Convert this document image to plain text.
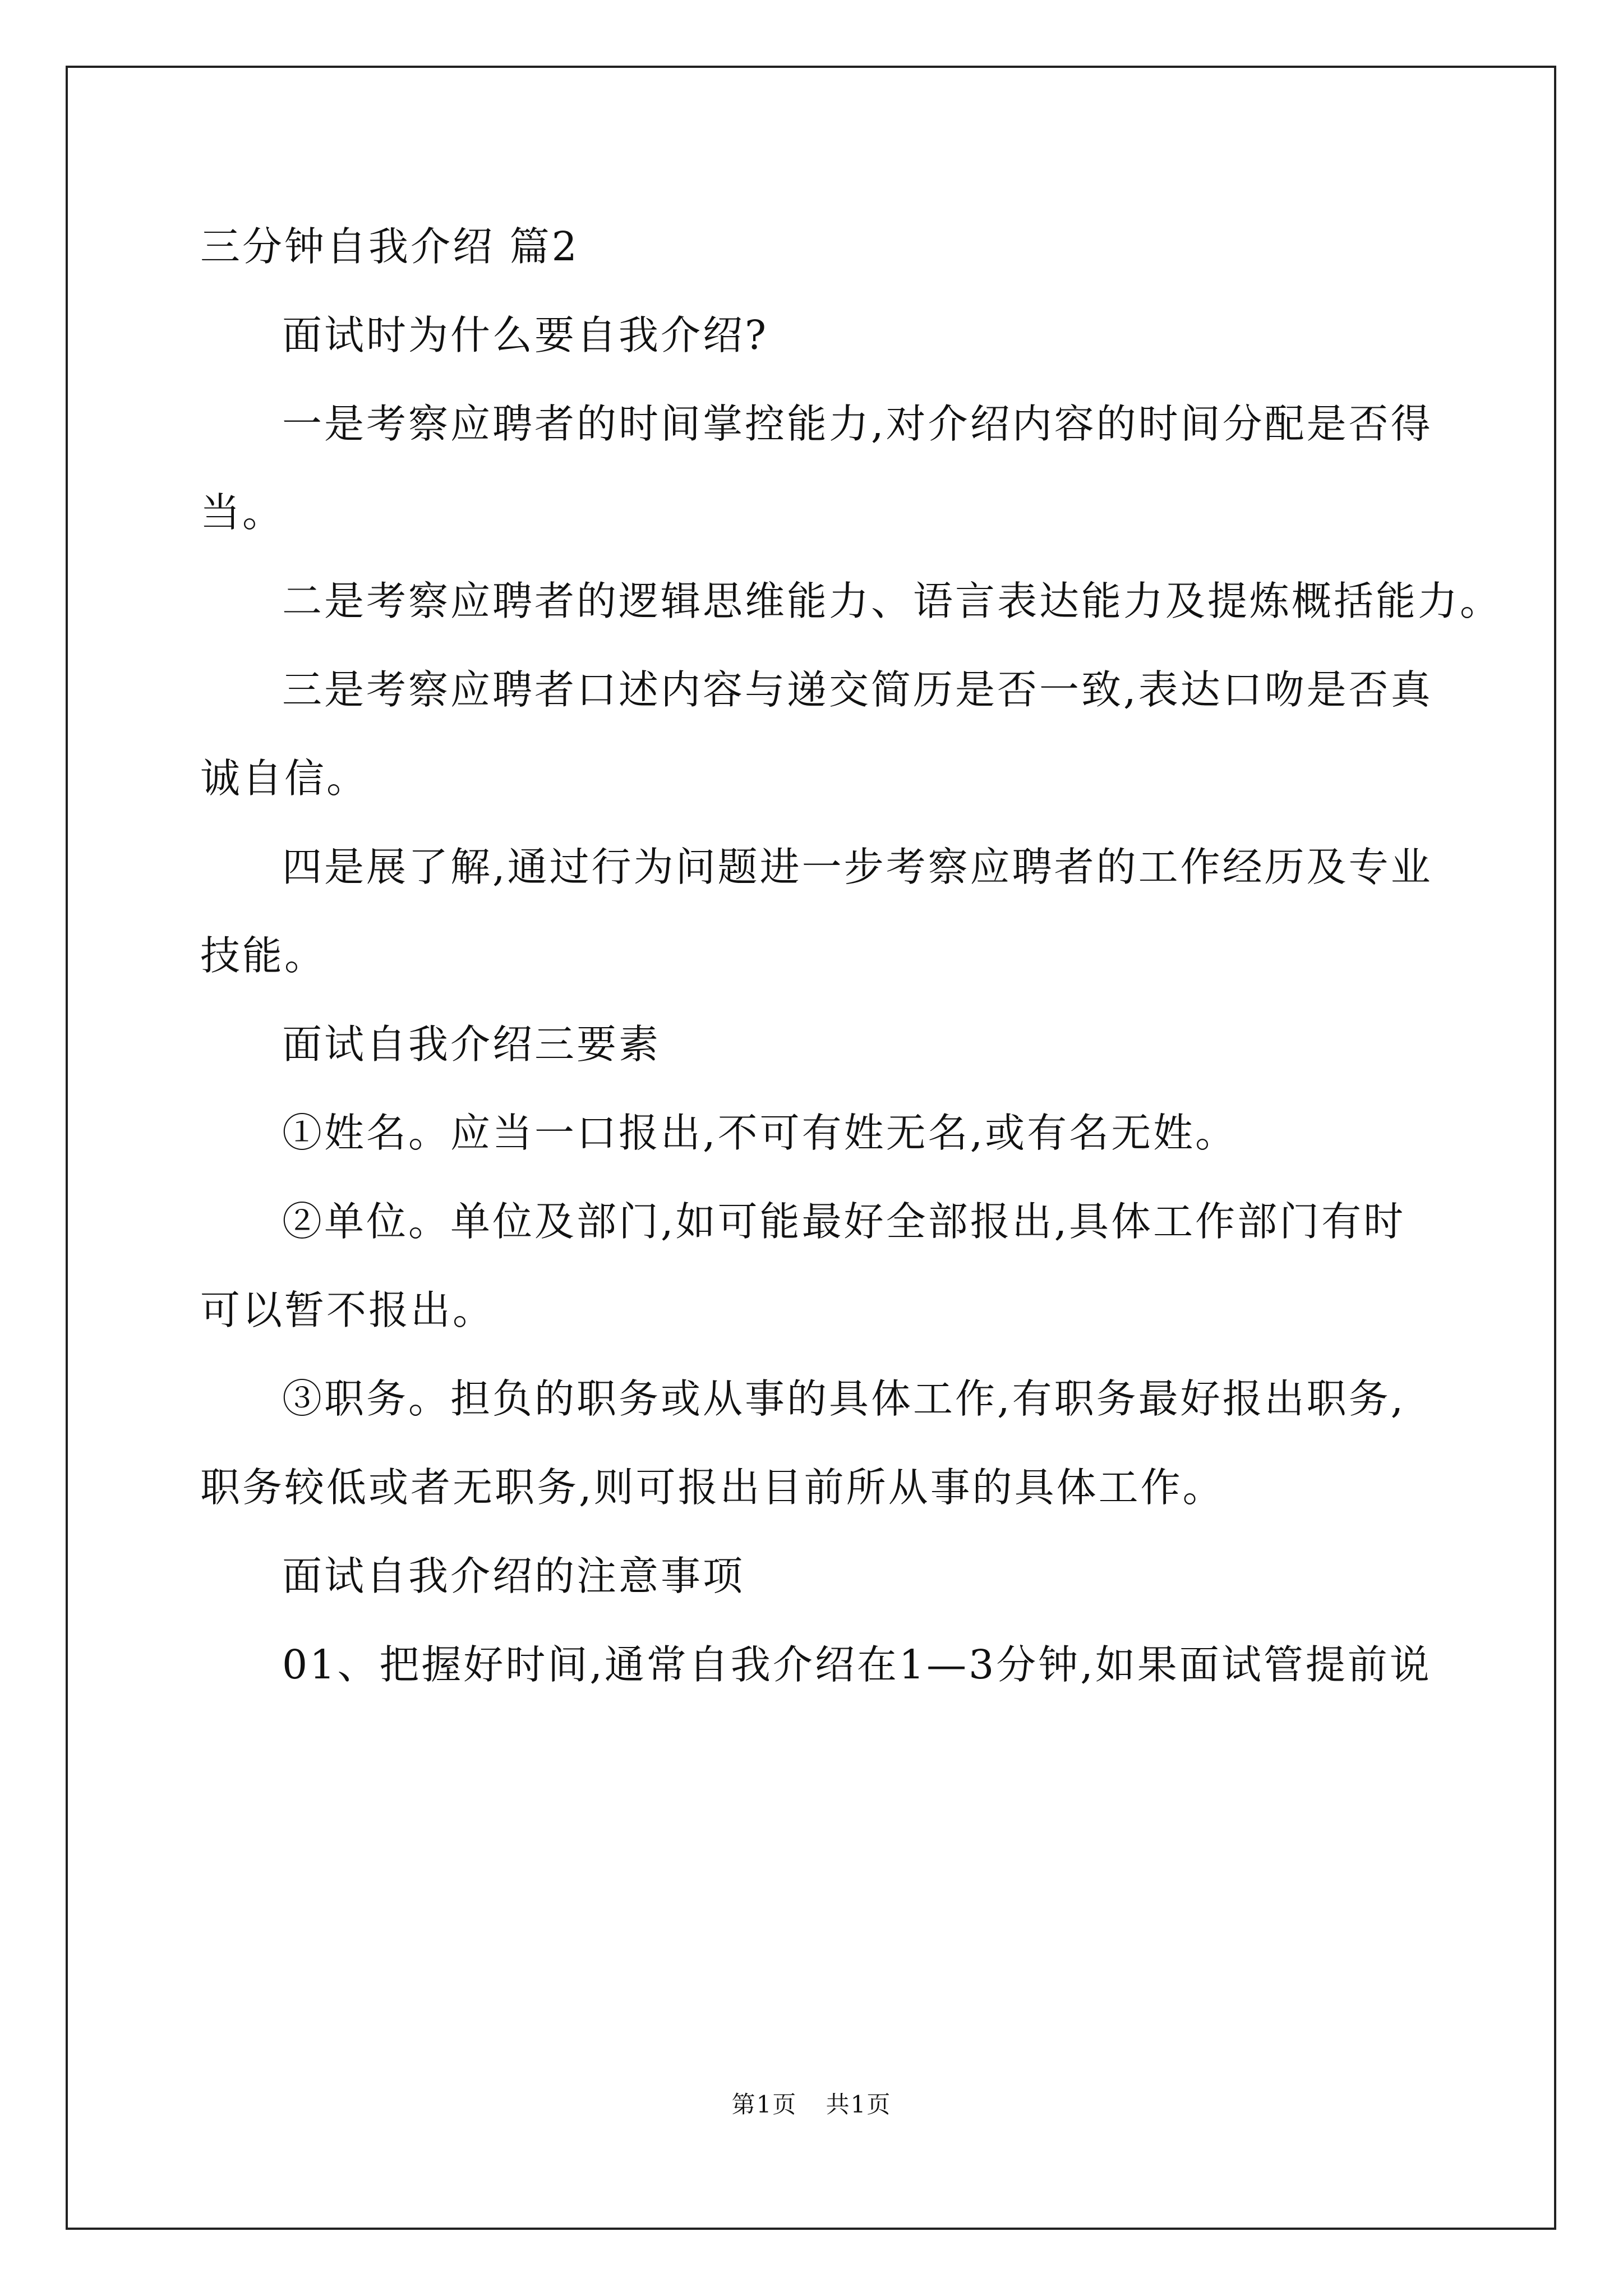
三分钟自我介绍 篇2
面试时为什么要自我介绍?
一是考察应聘者的时间掌控能力,对介绍内容的时间分配是否得
当。
二是考察应聘者的逻辑思维能力、语言表达能力及提炼概括能力。
三是考察应聘者口述内容与递交简历是否一致,表达口吻是否真
诚自信。
四是展了解,通过行为问题进一步考察应聘者的工作经历及专业
技能。
面试自我介绍三要素
①姓名。应当一口报出,不可有姓无名,或有名无姓。
②单位。单位及部门,如可能最好全部报出,具体工作部门有时
可以暂不报出。
③职务。担负的职务或从事的具体工作,有职务最好报出职务,
职务较低或者无职务,则可报出目前所从事的具体工作。
面试自我介绍的注意事项
01、把握好时间,通常自我介绍在1—3分钟,如果面试管提前说
第1页 共1页
